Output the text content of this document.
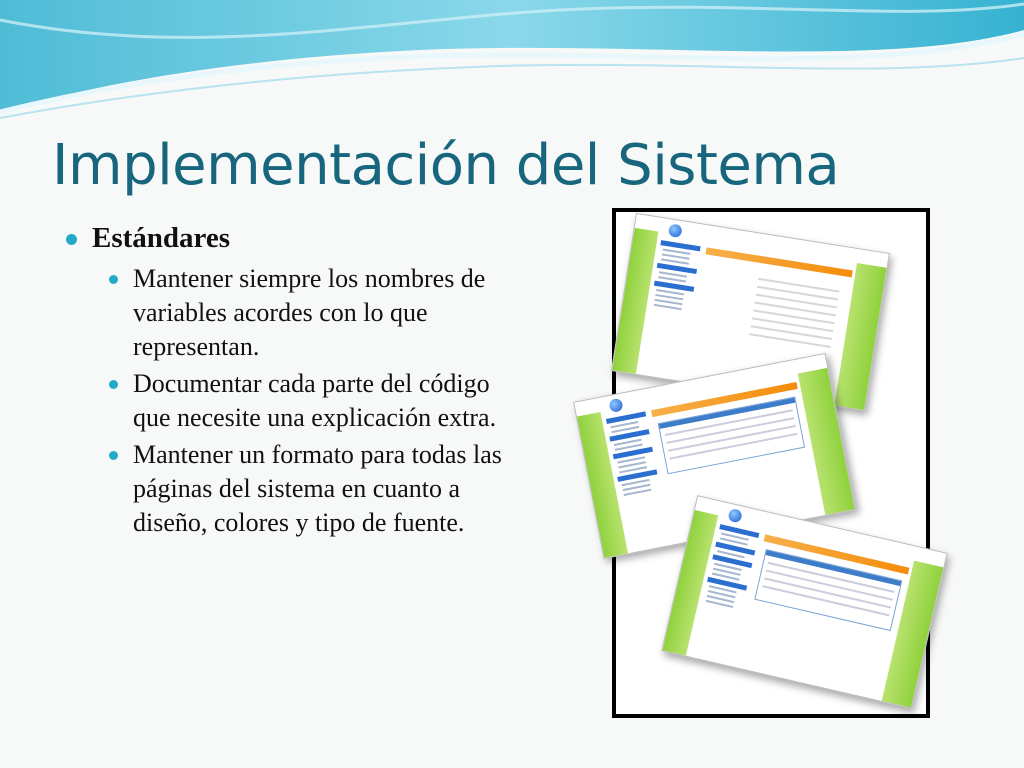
Implementación del Sistema
Estándares
Mantener siempre los nombres de variables acordes con lo que representan.
Documentar cada parte del código que necesite una explicación extra.
Mantener un formato para todas las páginas del sistema en cuanto a diseño, colores y tipo de fuente.
